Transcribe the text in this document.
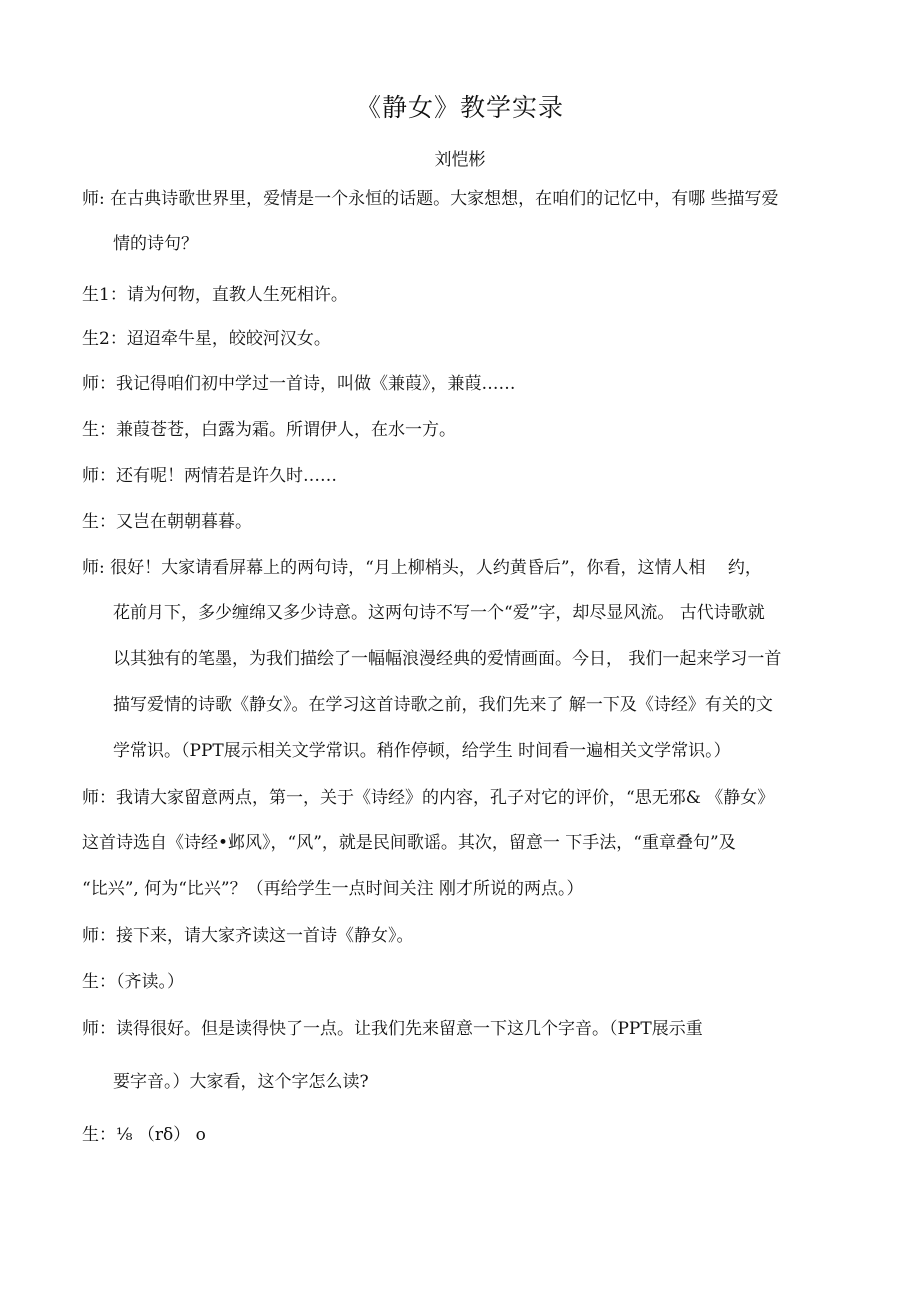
《静女》教学实录
刘恺彬
师: 在古典诗歌世界里，爱情是一个永恒的话题。大家想想，在咱们的记忆中，有哪 些描写爱
情的诗句？
生1：请为何物，直教人生死相许。
生2：迢迢牵牛星，皎皎河汉女。
师：我记得咱们初中学过一首诗，叫做《兼葭》，兼葭……
生：兼葭苍苍，白露为霜。所谓伊人，在水一方。
师：还有呢！两情若是许久时……
生：又岂在朝朝暮暮。
师: 很好！大家请看屏幕上的两句诗，“月上柳梢头，人约黄昏后”，你看，这情人相　 约，
花前月下，多少缠绵又多少诗意。这两句诗不写一个“爱”字，却尽显风流。 古代诗歌就
以其独有的笔墨，为我们描绘了一幅幅浪漫经典的爱情画面。今日， 我们一起来学习一首
描写爱情的诗歌《静女》。在学习这首诗歌之前，我们先来了 解一下及《诗经》有关的文
学常识。（PPT展示相关文学常识。稍作停顿，给学生 时间看一遍相关文学常识。）
师：我请大家留意两点，第一，关于《诗经》的内容，孔子对它的评价，“思无邪& 《静女》
这首诗选自《诗经•邺风》，“风”，就是民间歌谣。其次，留意一 下手法，“重章叠句”及
“比兴”, 何为“比兴”？（再给学生一点时间关注 刚才所说的两点。）
师：接下来，请大家齐读这一首诗《静女》。
生：（齐读。）
师：读得很好。但是读得快了一点。让我们先来留意一下这几个字音。（PPT展示重
要字音。）大家看，这个字怎么读?
生：⅛ （rδ） o
